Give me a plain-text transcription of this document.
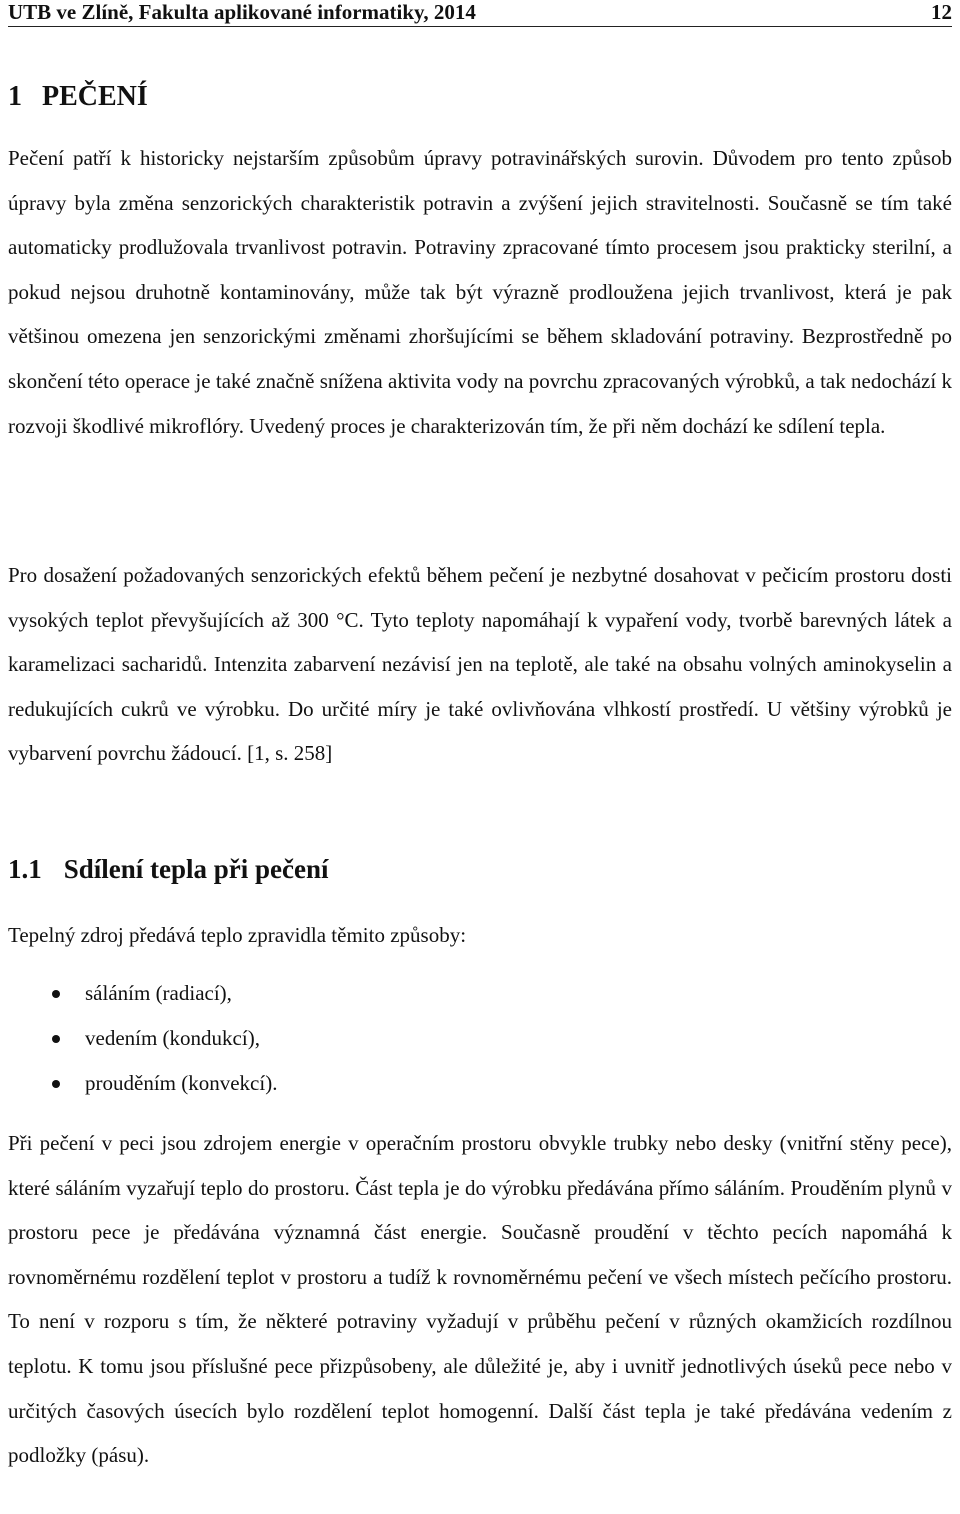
UTB ve Zlíně, Fakulta aplikované informatiky, 2014	12
1 PEČENÍ

Pečení patří k historicky nejstarším způsobům úpravy potravinářských surovin. Důvodem pro tento způsob úpravy byla změna senzorických charakteristik potravin a zvýšení jejich stravitelnosti. Současně se tím také automaticky prodlužovala trvanlivost potravin. Potraviny zpracované tímto procesem jsou prakticky sterilní, a pokud nejsou druhotně kontaminovány, může tak být výrazně prodloužena jejich trvanlivost, která je pak většinou omezena jen senzorickými změnami zhoršujícími se během skladování potraviny. Bezprostředně po skončení této operace je také značně snížena aktivita vody na povrchu zpracovaných výrobků, a tak nedochází k rozvoji škodlivé mikroflóry. Uvedený proces je charakterizován tím, že při něm dochází ke sdílení tepla.

Pro dosažení požadovaných senzorických efektů během pečení je nezbytné dosahovat v pečicím prostoru dosti vysokých teplot převyšujících až 300 °C. Tyto teploty napomáhají k vypaření vody, tvorbě barevných látek a karamelizaci sacharidů. Intenzita zabarvení nezávisí jen na teplotě, ale také na obsahu volných aminokyselin a redukujících cukrů ve výrobku. Do určité míry je také ovlivňována vlhkostí prostředí. U většiny výrobků je vybarvení povrchu žádoucí. [1, s. 258]

1.1 Sdílení tepla při pečení

Tepelný zdroj předává teplo zpravidla těmito způsoby:

sáláním (radiací),
vedením (kondukcí),
prouděním (konvekcí).

Při pečení v peci jsou zdrojem energie v operačním prostoru obvykle trubky nebo desky (vnitřní stěny pece), které sáláním vyzařují teplo do prostoru. Část tepla je do výrobku předávána přímo sáláním. Prouděním plynů v prostoru pece je předávána významná část energie. Současně proudění v těchto pecích napomáhá k rovnoměrnému rozdělení teplot v prostoru a tudíž k rovnoměrnému pečení ve všech místech pečícího prostoru. To není v rozporu s tím, že některé potraviny vyžadují v průběhu pečení v různých okamžicích rozdílnou teplotu. K tomu jsou příslušné pece přizpůsobeny, ale důležité je, aby i uvnitř jednotlivých úseků pece nebo v určitých časových úsecích bylo rozdělení teplot homogenní. Další část tepla je také předávána vedením z podložky (pásu).
